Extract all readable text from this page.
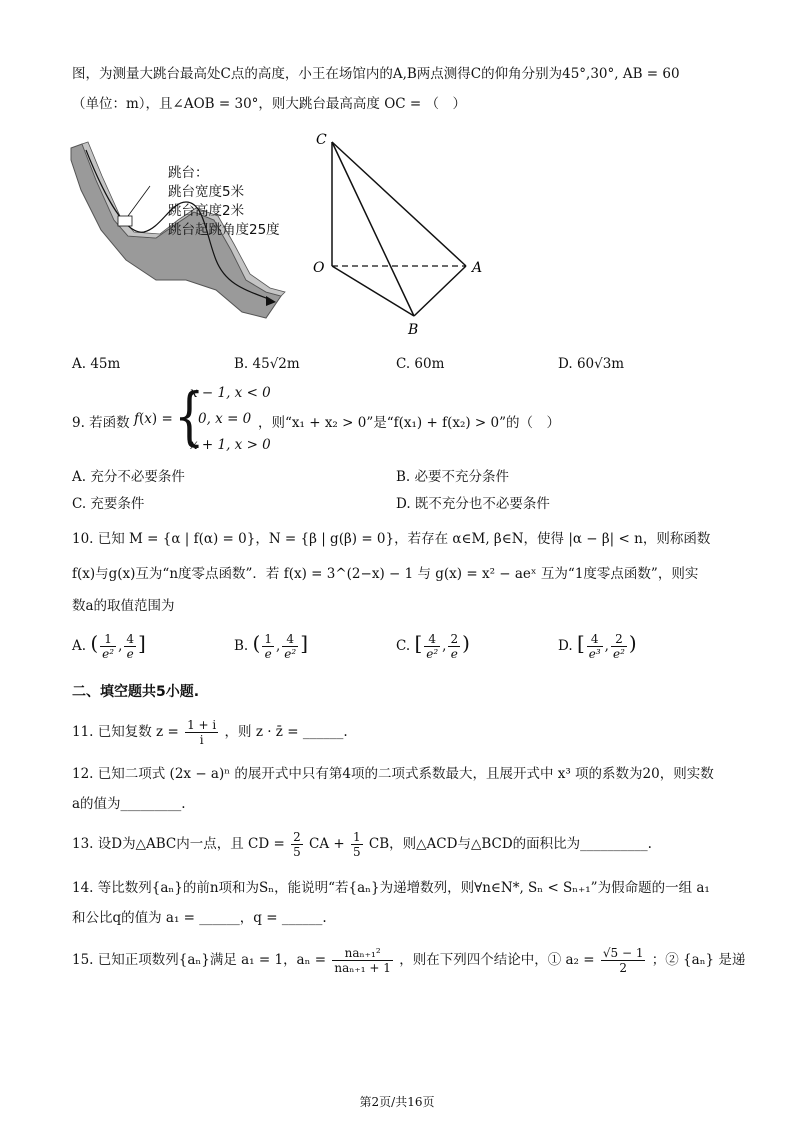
图，为测量大跳台最高处C点的高度，小王在场馆内的A,B两点测得C的仰角分别为45°,30°, AB = 60
（单位：m），且∠AOB = 30°，则大跳台最高高度 OC = （　）
跳台：
跳台宽度5米
跳台高度2米
跳台起跳角度25度
C
O	A
B
A. 45m	B. 45√2m	C. 60m	D. 60√3m
9. 若函数 f(x) = {
x − 1, x < 0
0, x = 0
x + 1, x > 0
，则“x₁ + x₂ > 0”是“f(x₁) + f(x₂) > 0”的（　）
A. 充分不必要条件	B. 必要不充分条件
C. 充要条件	D. 既不充分也不必要条件
10. 已知 M = {α | f(α) = 0}，N = {β | g(β) = 0}，若存在 α∈M, β∈N，使得 |α − β| < n，则称函数
f(x)与g(x)互为“n度零点函数”．若 f(x) = 3^(2−x) − 1 与 g(x) = x² − aeˣ 互为“1度零点函数”，则实
数a的取值范围为
A. ( $\frac{1}{\text{e²}}$ , $\frac{4}{e}$ ]	B. ( $\frac{1}{e}$ , $\frac{4}{\text{e²}}$ ]	C. [ $\frac{4}{\text{e²}}$ , $\frac{2}{e}$ )	D. [ $\frac{4}{\text{e³}}$ , $\frac{2}{\text{e²}}$ )
二、填空题共5小题.
11. 已知复数 $z = \frac{1 + i}{i}$ ，则 z · z̄ = ______.
12. 已知二项式 (2x − a)ⁿ 的展开式中只有第4项的二项式系数最大，且展开式中 x³ 项的系数为20，则实数
a的值为_________.
13. 设D为△ABC内一点，且 CD = $\frac{2}{5}$ CA + $\frac{1}{5}$ CB，则△ACD与△BCD的面积比为__________.
14. 等比数列{aₙ}的前n项和为Sₙ，能说明“若{aₙ}为递增数列，则∀n∈N*, Sₙ < Sₙ₊₁”为假命题的一组 a₁
和公比q的值为 a₁ = ______，q = ______.
15. 已知正项数列{aₙ}满足 a₁ = 1，$a_n = \frac{\text{naₙ₊₁²}}{\text{naₙ₊₁ + 1}}$ ，则在下列四个结论中，① $a_2 = \frac{√5 - 1}{2}$ ；② {aₙ} 是递
第2页/共16页
